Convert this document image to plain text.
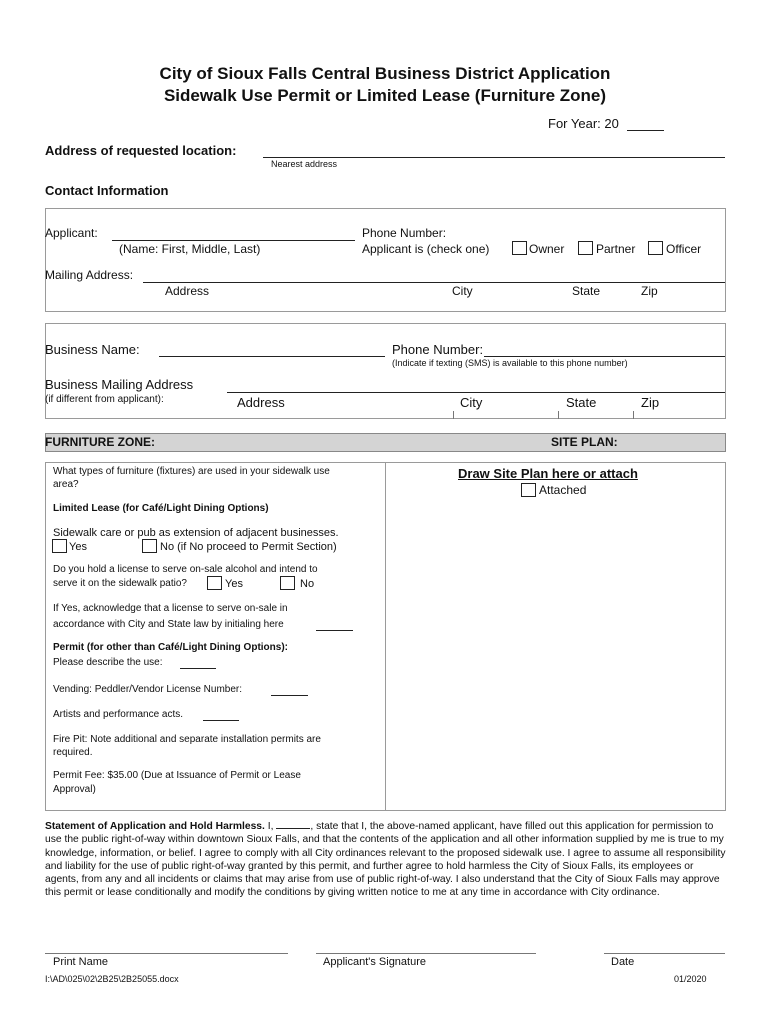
City of Sioux Falls Central Business District Application
Sidewalk Use Permit or Limited Lease (Furniture Zone)
For Year: 20
Address of requested location:
Nearest address
Contact Information
Applicant:
(Name: First, Middle, Last)
Phone Number:
Applicant is (check one)	Owner	Partner	Officer
Mailing Address:
Address	City	State	Zip
Business Name:	Phone Number:
(Indicate if texting (SMS) is available to this phone number)
Business Mailing Address
(if different from applicant):	Address	City	State	Zip
FURNITURE ZONE:	SITE PLAN:
What types of furniture (fixtures) are used in your sidewalk use
area?
Limited Lease (for Café/Light Dining Options)
Sidewalk care or pub as extension of adjacent businesses.
Yes	No (if No proceed to Permit Section)
Do you hold a license to serve on-sale alcohol and intend to
serve it on the sidewalk patio?	Yes	No
If Yes, acknowledge that a license to serve on-sale in
accordance with City and State law by initialing here
Permit (for other than Café/Light Dining Options):
Please describe the use:
Vending: Peddler/Vendor License Number:
Artists and performance acts.
Fire Pit: Note additional and separate installation permits are
required.
Permit Fee: $35.00 (Due at Issuance of Permit or Lease
Approval)
Draw Site Plan here or attach
Attached
Statement of Application and Hold Harmless. I,	, state that I, the above-named applicant, have filled out this application for permission to use the public right-of-way within downtown Sioux Falls, and that the contents of the application and all other information supplied by me is true to my knowledge, information, or belief. I agree to comply with all City ordinances relevant to the proposed sidewalk use. I agree to assume all responsibility and liability for the use of public right-of-way granted by this permit, and further agree to hold harmless the City of Sioux Falls, its employees or agents, from any and all incidents or claims that may arise from use of public right-of-way. I also understand that the City of Sioux Falls may approve this permit or lease conditionally and modify the conditions by giving written notice to me at any time in accordance with City ordinance.
Print Name	Applicant's Signature	Date
I:\AD\025\02\2B25\2B25055.docx	01/2020
